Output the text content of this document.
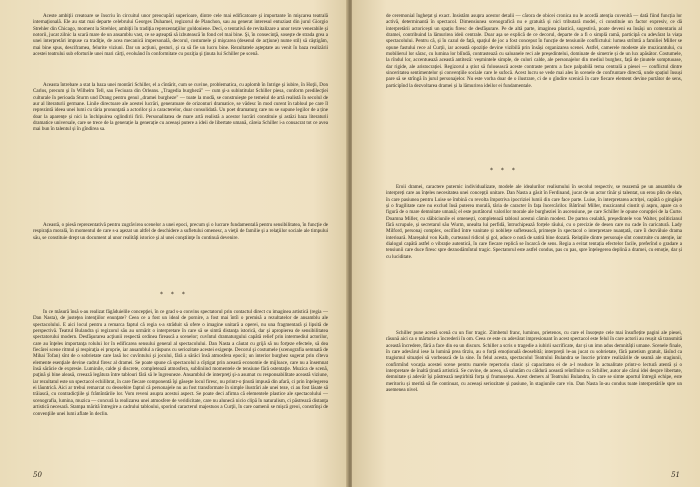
Aceste ambiţii creatoare se înscriu în circuitul unor preocupări superioare, dintre cele mai edificatoare şi importante în mişcarea teatrală internaţională. Ele au stat mai departe celebrului Georges Duhamel, regizorul de Planchon, sau au generat interesul entuziast din jurul Giorgio Strehler din Chicago, moment la Strehler, ambiţii în tradiţia reprezentaţiilor goldoniene. Deci, o tentativă de revitalizare a unor texte venerabile şi notorii, jucat zilnic la scară mare de un ansamblu vast, ce se aşteaptă să izbutească în fond cel mai bine. Şi, în consecinţă, soseşte de strada grea a unei interpretări impuse ca tradiţie, de acea mecanică impersonală, decorul, costumele şi mişcarea (desenul de acţiune) nume stil) să câştigăm, mai bine spus, desciframea, felurite viziuni. Dar un acţiuni, gesturi, şi ca să fie un lucru bine. Rezultatele aşteptate au venit în baza realizării acestei teatrului sub eforturile unei mari cărţi, evoluând în conformitate cu poziţia şi ţinuta lui Schiller pe scenă.

Aceasta întrebare a stat la baza unei montări Schiller, el a cîntărit, cum se cuvine, problematica, cu aplomb în Intrige şi iubire, în Hoţii, Don Carlos, precum şi în Wilhelm Tell, sau Fecioara din Orleans. „Tragedia burgheză" — cum şi-a subintitulat Schiller piesa, conform predilecţiei culturale în perioada Sturm und Drang pentru genul „dramei burgheze" — toate la modă, se construieşte pe temeiul de artă realistă în secolul de aur al literaturii germane. Linile directoare ale acestei lucrări, generatoare de orizonturi dramatice, se vădesc în mod curent în tabloul pe care îl reprezintă ideea unei lumi cu tăria pronunţată a actorilor şi a caracterelor, doar consolidată. Un poet dramaturg care nu se supune legilor de a ține doar la aparențe și nici la închipuirea oglindirii firii. Personalitatea de mare artă realistă a acestor lucrări constituie și astăzi baza literaturii dramatice universale, care se trece de la generație la generație cu aceeași putere a ideii de libertate umană, căreia Schiller i-a consacrat tot ce avea mai bun în talentul și în gîndirea sa.

Această, o piesă reprezentativă pentru zugrăvirea scenelor a unei epoci, precum şi o lucrare fundamentală pentru sensibilitatea, în funcţie de respiraţia morală, în momentul de care s-a aşezat un altfel de deschidere a sufletului omenesc, a vieţii de familie şi a relaţiilor sociale ale timpului său, se constituie drept un document al unor realităţi istorice şi al unei conştiinţe în continuă devenire.

* * *

În ce măsură însă s-au realizat făgăduielile concepţiei, în ce grad s-a convins spectatorul prin contactul direct cu imaginea artistică (regia — Dan Nasta), de justeţea intenţiilor enunţate? Ceea ce a fost un ideal de pornire, a fost mai întîi o premisă a rezultatelor de ansamblu ale spectacolului. E aici locul pentru a remarca faptul că regia s-a străduit să ofere o imagine unitară a operei, nu una fragmentară şi lipsită de perspectivă. Teatrul Bulandra şi regizorul său au urmărit o interpretare în care să se simtă distanţa istorică, dar şi apropierea de sensibilitatea spectatorului modern. Desfăşurarea acţiunii respectă ordinea firească a scenelor; cuvîntul dramaturgului capătă relief prin intermediul actorilor, care au înţeles importanţa rolului lor în edificarea sensului general al spectacolului. Dan Nasta a căutat cu grijă să nu forţeze efectele, să dea fiecărei scene ritmul şi respiraţia ei proprie, iar ansamblul a răspuns cu seriozitate acestei exigenţe. Decorul şi costumele (scenografia semnată de Mihai Tofan) sînt de o sobrietate care lasă loc cuvîntului şi jocului, fără a sărăci însă atmosfera epocii; un interior burghez sugerat prin cîteva elemente esenţiale devine cadrul firesc al dramei. Se poate spune că spectacolul a cîştigat prin această economie de mijloace, care nu a însemnat însă sărăcie de expresie. Luminile, calde şi discrete, completează atmosfera, subliniind momentele de tensiune fără ostentaţie. Muzica de scenă, puţină şi bine aleasă, creează legătura între tablouri fără să le îngreuneze. Ansamblul de interpreţi şi-a asumat cu responsabilitate această viziune, iar rezultatul este un spectacol echilibrat, în care fiecare componentă îşi găseşte locul firesc, nu printr-o ţinută impusă din afară, ci prin înţelegerea ei lăuntrică. Aici ar trebui remarcat cu deosebire faptul că personajele nu au fost transformate în simple ilustrări ale unei teze, ci au fost lăsate să trăiască, cu contradicţiile şi frămîntările lor. Vom reveni asupra acestui aspect. Se poate deci afirma că elementele plastice ale spectacolului — scenografia, lumina, muzica — concură la realizarea unei atmosfere de veridicitate, care nu alunecă nicio clipă în naturalism, ci păstrează distanţa artistică necesară. Stampa mărită întregire a cadrului tabloului, sporind caracterul majestuos a Curţii, în care oamenii se mişcă greoi, constrînşi de convenţiile unei lumi aflate în declin.

50

de ceremonial înghețat și exact. Insistăm asupra acestor detalii — cărora de obicei cronica nu le acordă atenția cuvenită — dată fiind funcția lor activă, determinantă în spectacol. Dimensiunea scenografică nu e gratuită și nici tributară modei, ci constituie un factor expresiv, ce dă interpretării actoricești un spațiu firesc de desfășurare. Pe de altă parte, imaginea plastică, sugestivă, poate deveni ea însăși un comentariu al dramei, contribuind la lămurirea ideii centrale. Doar așa se explică de ce decorul, departe de a fi o simplă ramă, participă cu adevărat la viața spectacolului. Pentru că, și în cazul de față, spațiul de joc a fost conceput în funcție de tensiunile conflictului: lumea strîmtă a familiei Miller se opune fastului rece al Curții, iar această opoziție devine vizibilă prin însăși organizarea scenei. Astfel, camerele modeste ale muzicantului, cu mobilierul lor sărac, cu lumina lor blîndă, contrastează cu saloanele reci ale președintelui, dominate de simetrie și de un lux apăsător. Costumele, la rîndul lor, accentuează această antiteză: veșmintele simple, de culori calde, ale personajelor din mediul burghez, față de ținutele somptuoase, dar rigide, ale aristocrației. Regizorul a știut să folosească aceste contraste pentru a face palpabilă tema centrală a piesei — conflictul dintre sinceritatea sentimentelor și convențiile sociale care le sufocă. Acest lucru se vede mai ales în scenele de confruntare directă, unde spațiul însuși pare să se strîngă în jurul personajelor. Nu este vorba doar de o ilustrare, ci de o gîndire scenică în care fiecare element devine purtător de sens, participînd la dezvoltarea dramei și la lămurirea ideilor ei fundamentale.

* * *

Eroii dramei, caractere puternic individualizate, modele ale idealurilor realismului în secolul respectiv, se reazemă pe un ansamblu de interpreți care au înțeles necesitatea unei concepții unitare. Dan Nasta a găsit în Ferdinand, jucat de un actor tînăr și talentat, un erou plin de elan, în care pasiunea pentru Luise se îmbină cu revolta împotriva ipocriziei lumii din care face parte. Luise, în interpretarea actriței, capătă o gingășie și o fragilitate care nu exclud însă puterea morală, tăria de caracter în fața încercărilor. Bătrînul Miller, muzicantul cinstit și aspru, apare ca o figură de o mare demnitate umană; el este purtătorul valorilor morale ale burgheziei în ascensiune, pe care Schiller le opune corupției de la Curte. Doamna Miller, cu slăbiciunile ei omenești, completează tabloul acestui cămin modest. De partea cealaltă, președintele von Walter, politicianul fără scrupule, și secretarul său Wurm, unealta lui perfidă, întruchipează forțele răului, cu o precizie de desen care nu cade în caricatură. Lady Milford, personaj complex, oscilînd între vanitate și nobilețe sufletească, primește în spectacol o interpretare nuanțată, care îi dezvăluie drama interioară. Mareșalul von Kalb, curteanul ridicol și gol, aduce o notă de satiră bine dozată. Relațiile dintre personaje sînt construite cu atenție, iar dialogul capătă astfel o vibrație autentică, în care fiecare replică se încarcă de sens. Regia a evitat tentația efectelor facile, preferînd o gradare a tensiunii care duce firesc spre deznodămîntul tragic. Spectatorul este astfel condus, pas cu pas, spre înțelegerea deplină a dramei, cu emoție, dar și cu luciditate.

Schiller pune acestă scenă cu un fior tragic. Zimbetul franc, luminos, prietenos, cu care el însoțește cele mai însuflețite pagini ale piesei, răsună aici ca o mărturie a încrederii în om. Ceea ce este cu adevărat impresionant în acest spectacol este felul în care actorii au reușit să transmită această încredere, fără a face din ea un discurs. Schiller a scris o tragedie a iubirii sacrificate, dar și un imn adus demnității umane. Scenele finale, în care adevărul iese la lumină prea tîrziu, au o forță emoțională deosebită; interpreții le-au jucat cu sobrietate, fără patetism gratuit, lăsînd ca tragismul situației să vorbească de la sine. În felul acesta, spectacolul Teatrului Bulandra se înscrie printre realizările de seamă ale stagiunii, confirmînd vocația acestei scene pentru marele repertoriu clasic și capacitatea ei de a-l readuce în actualitate printr-o lectură atentă și o interpretare de înaltă ținută artistică. Se cuvine, de aceea, să salutăm cu căldură această reîntîlnire cu Schiller, autor ale cărui idei despre libertate, demnitate și adevăr își păstrează neștirbită forța și frumusețea. Acest demers al Teatrului Bulandra, în care se simte aportul întregii echipe, este meritoriu și merită să fie continuat, cu aceeași seriozitate și pasiune, în stagiunile care vin. Dan Nasta în-au condus toate interpretările spre un asemenea nivel.

51
